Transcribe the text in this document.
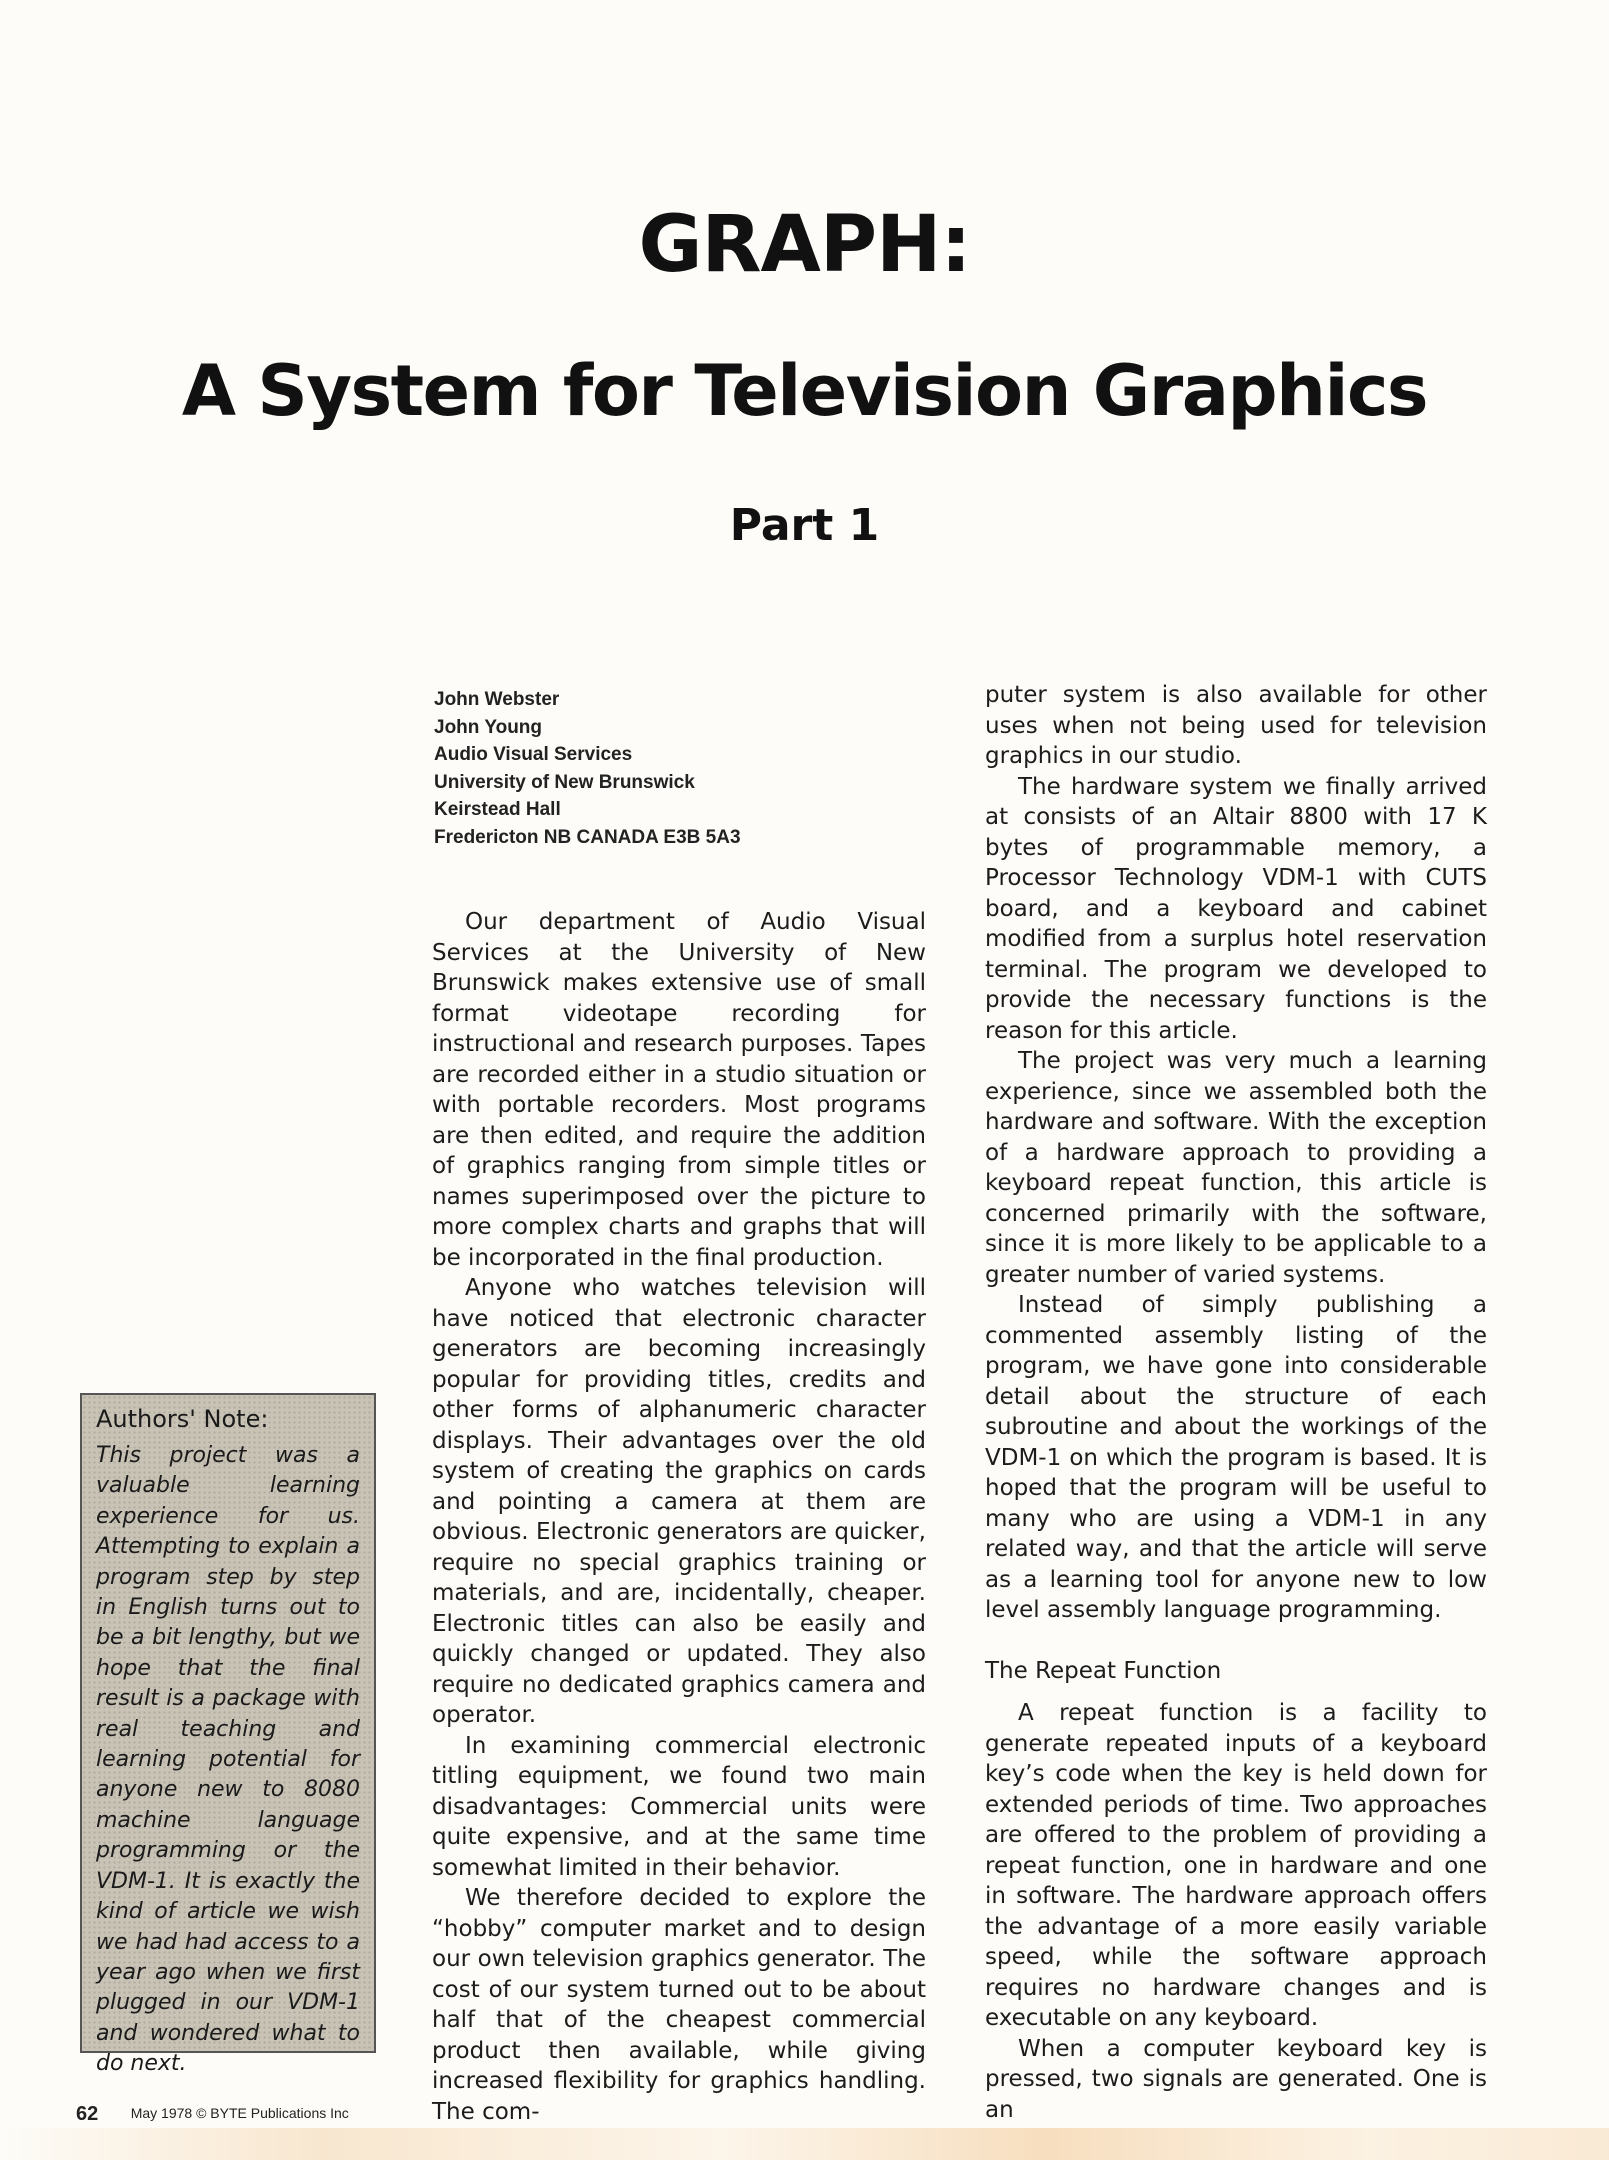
GRAPH:
A System for Television Graphics
Part 1
John Webster
John Young
Audio Visual Services
University of New Brunswick
Keirstead Hall
Fredericton NB CANADA E3B 5A3

Our department of Audio Visual Services at the University of New Brunswick makes extensive use of small format videotape recording for instructional and research purposes. Tapes are recorded either in a studio situation or with portable recorders. Most programs are then edited, and require the addition of graphics ranging from simple titles or names superimposed over the picture to more complex charts and graphs that will be incorporated in the final production.

Anyone who watches television will have noticed that electronic character generators are becoming increasingly popular for providing titles, credits and other forms of alphanumeric character displays. Their advantages over the old system of creating the graphics on cards and pointing a camera at them are obvious. Electronic generators are quicker, require no special graphics training or materials, and are, incidentally, cheaper. Electronic titles can also be easily and quickly changed or updated. They also require no dedicated graphics camera and operator.

In examining commercial electronic titling equipment, we found two main disadvantages: Commercial units were quite expensive, and at the same time somewhat limited in their behavior.

We therefore decided to explore the “hobby” computer market and to design our own television graphics generator. The cost of our system turned out to be about half that of the cheapest commercial product then available, while giving increased flexibility for graphics handling. The com-

puter system is also available for other uses when not being used for television graphics in our studio.

The hardware system we finally arrived at consists of an Altair 8800 with 17 K bytes of programmable memory, a Processor Technology VDM-1 with CUTS board, and a keyboard and cabinet modified from a surplus hotel reservation terminal. The program we developed to provide the necessary functions is the reason for this article.

The project was very much a learning experience, since we assembled both the hardware and software. With the exception of a hardware approach to providing a keyboard repeat function, this article is concerned primarily with the software, since it is more likely to be applicable to a greater number of varied systems.

Instead of simply publishing a commented assembly listing of the program, we have gone into considerable detail about the structure of each subroutine and about the workings of the VDM-1 on which the program is based. It is hoped that the program will be useful to many who are using a VDM-1 in any related way, and that the article will serve as a learning tool for anyone new to low level assembly language programming.

The Repeat Function

A repeat function is a facility to generate repeated inputs of a keyboard key’s code when the key is held down for extended periods of time. Two approaches are offered to the problem of providing a repeat function, one in hardware and one in software. The hardware approach offers the advantage of a more easily variable speed, while the software approach requires no hardware changes and is executable on any keyboard.

When a computer keyboard key is pressed, two signals are generated. One is an

Authors' Note:

This project was a valuable learning experience for us. Attempting to explain a program step by step in English turns out to be a bit lengthy, but we hope that the final result is a package with real teaching and learning potential for anyone new to 8080 machine language programming or the VDM-1. It is exactly the kind of article we wish we had had access to a year ago when we first plugged in our VDM-1 and wondered what to do next.

62 May 1978 © BYTE Publications Inc
